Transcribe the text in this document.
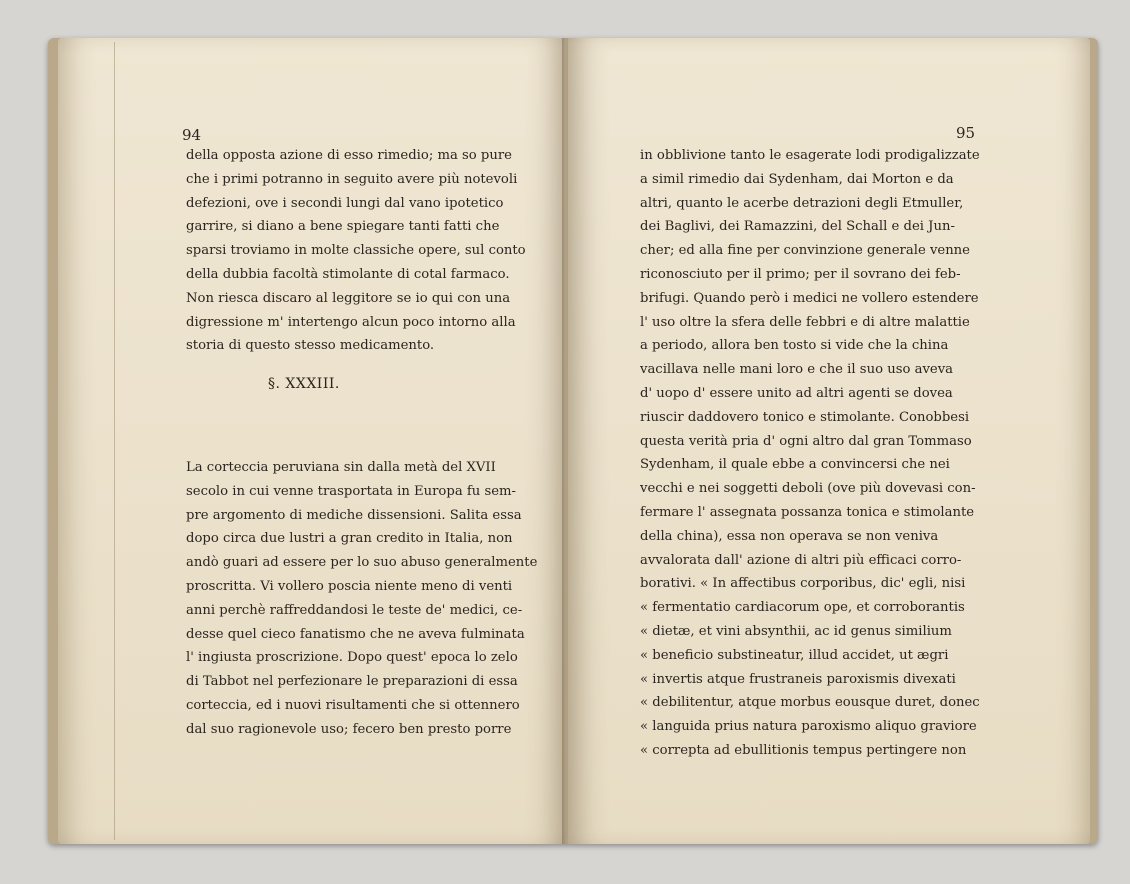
94
della opposta azione di esso rimedio; ma so pure
che i primi potranno in seguito avere più notevoli
defezioni, ove i secondi lungi dal vano ipotetico
garrire, si diano a bene spiegare tanti fatti che
sparsi troviamo in molte classiche opere, sul conto
della dubbia facoltà stimolante di cotal farmaco.
Non riesca discaro al leggitore se io qui con una
digressione m' intertengo alcun poco intorno alla
storia di questo stesso medicamento.
§. XXXIII.
La corteccia peruviana sin dalla metà del XVII
secolo in cui venne trasportata in Europa fu sem-
pre argomento di mediche dissensioni. Salita essa
dopo circa due lustri a gran credito in Italia, non
andò guari ad essere per lo suo abuso generalmente
proscritta. Vi vollero poscia niente meno di venti
anni perchè raffreddandosi le teste de' medici, ce-
desse quel cieco fanatismo che ne aveva fulminata
l' ingiusta proscrizione. Dopo quest' epoca lo zelo
di Tabbot nel perfezionare le preparazioni di essa
corteccia, ed i nuovi risultamenti che si ottennero
dal suo ragionevole uso; fecero ben presto porre
95
in obblivione tanto le esagerate lodi prodigalizzate
a simil rimedio dai Sydenham, dai Morton e da
altri, quanto le acerbe detrazioni degli Etmuller,
dei Baglivi, dei Ramazzini, del Schall e dei Jun-
cher; ed alla fine per convinzione generale venne
riconosciuto per il primo; per il sovrano dei feb-
brifugi. Quando però i medici ne vollero estendere
l' uso oltre la sfera delle febbri e di altre malattie
a periodo, allora ben tosto si vide che la china
vacillava nelle mani loro e che il suo uso aveva
d' uopo d' essere unito ad altri agenti se dovea
riuscir daddovero tonico e stimolante. Conobbesi
questa verità pria d' ogni altro dal gran Tommaso
Sydenham, il quale ebbe a convincersi che nei
vecchi e nei soggetti deboli (ove più dovevasi con-
fermare l' assegnata possanza tonica e stimolante
della china), essa non operava se non veniva
avvalorata dall' azione di altri più efficaci corro-
borativi. « In affectibus corporibus, dic' egli, nisi
« fermentatio cardiacorum ope, et corroborantis
« dietæ, et vini absynthii, ac id genus similium
« beneficio substineatur, illud accidet, ut ægri
« invertis atque frustraneis paroxismis divexati
« debilitentur, atque morbus eousque duret, donec
« languida prius natura paroxismo aliquo graviore
« correpta ad ebullitionis tempus pertingere non
